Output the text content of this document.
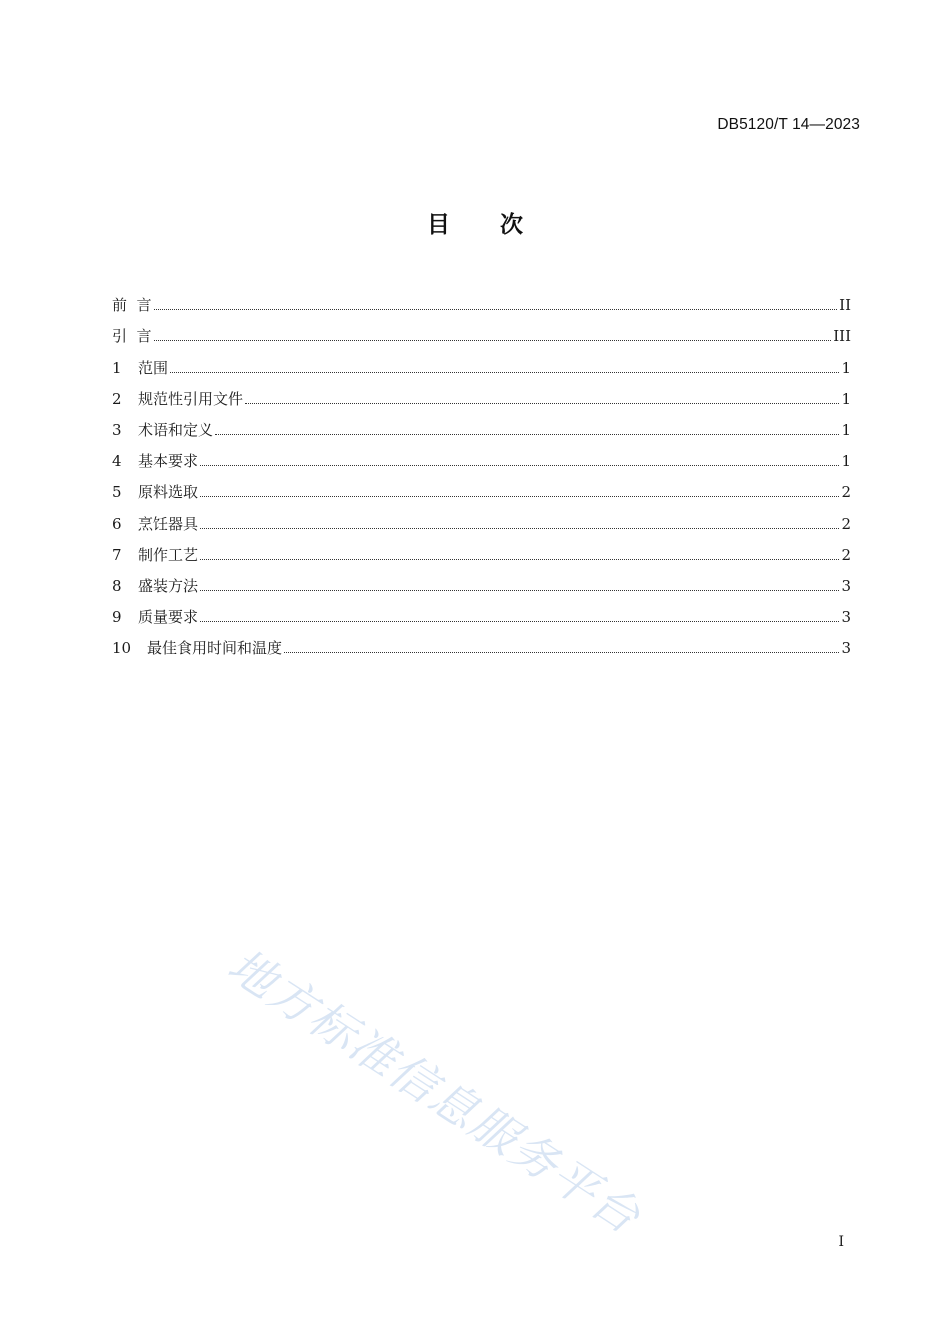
DB5120/T 14—2023
目 次
前  言	II
引  言	III
1	范围	1
2	规范性引用文件	1
3	术语和定义	1
4	基本要求	1
5	原料选取	2
6	烹饪器具	2
7	制作工艺	2
8	盛装方法	3
9	质量要求	3
10	最佳食用时间和温度	3
地方标准信息服务平台	I
